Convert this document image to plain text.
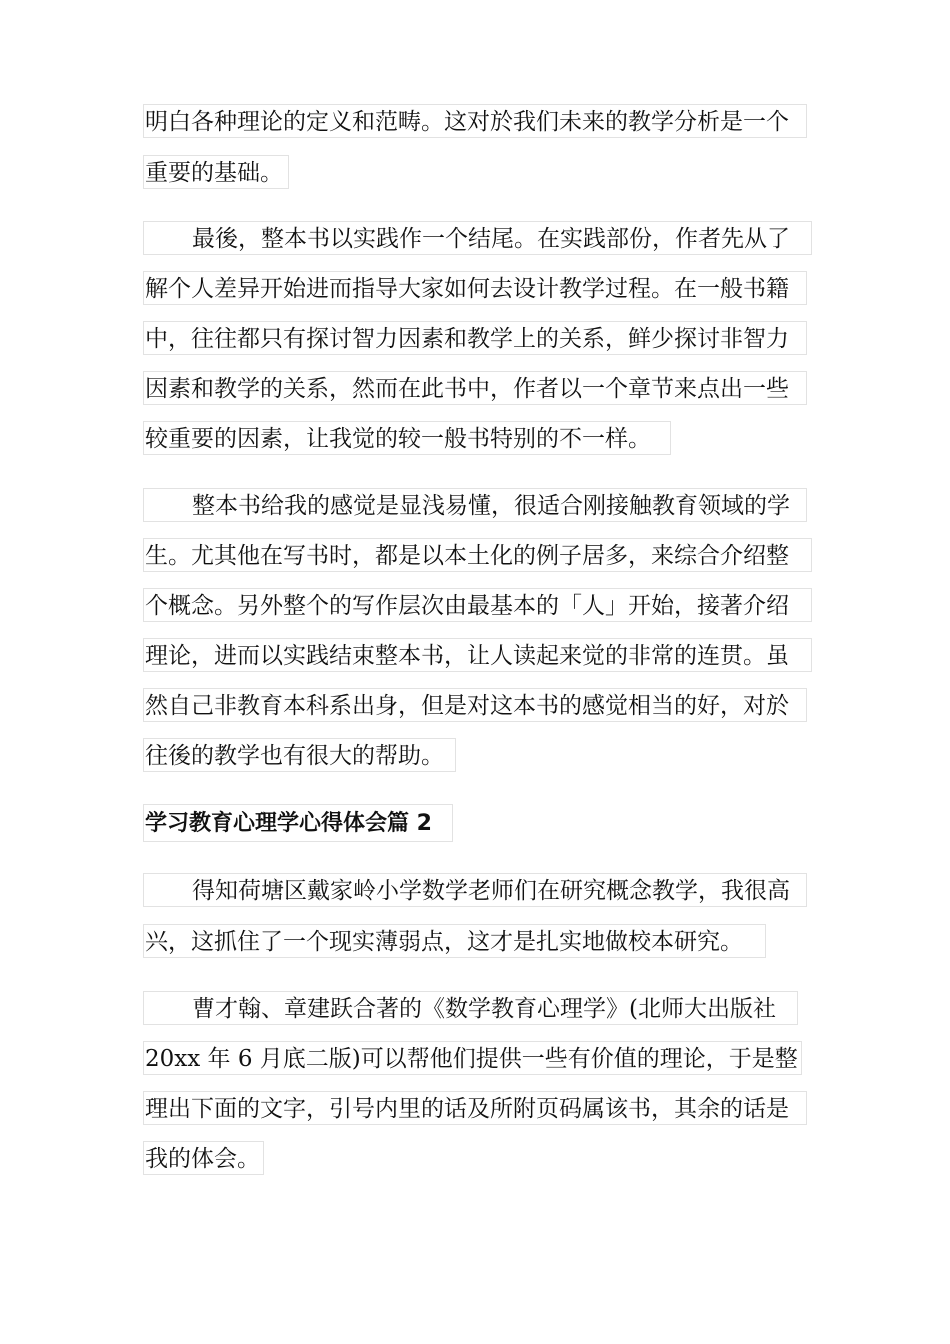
明白各种理论的定义和范畴。这对於我们未来的教学分析是一个
重要的基础。
最後，整本书以实践作一个结尾。在实践部份，作者先从了
解个人差异开始进而指导大家如何去设计教学过程。在一般书籍
中，往往都只有探讨智力因素和教学上的关系，鲜少探讨非智力
因素和教学的关系，然而在此书中，作者以一个章节来点出一些
较重要的因素，让我觉的较一般书特别的不一样。
整本书给我的感觉是显浅易懂，很适合刚接触教育领域的学
生。尤其他在写书时，都是以本土化的例子居多，来综合介绍整
个概念。另外整个的写作层次由最基本的「人」开始，接著介绍
理论，进而以实践结束整本书，让人读起来觉的非常的连贯。虽
然自己非教育本科系出身，但是对这本书的感觉相当的好，对於
往後的教学也有很大的帮助。
学习教育心理学心得体会篇 2
得知荷塘区戴家岭小学数学老师们在研究概念教学，我很高
兴，这抓住了一个现实薄弱点，这才是扎实地做校本研究。
曹才翰、章建跃合著的《数学教育心理学》(北师大出版社
20xx 年 6 月底二版)可以帮他们提供一些有价值的理论，于是整
理出下面的文字，引号内里的话及所附页码属该书，其余的话是
我的体会。
